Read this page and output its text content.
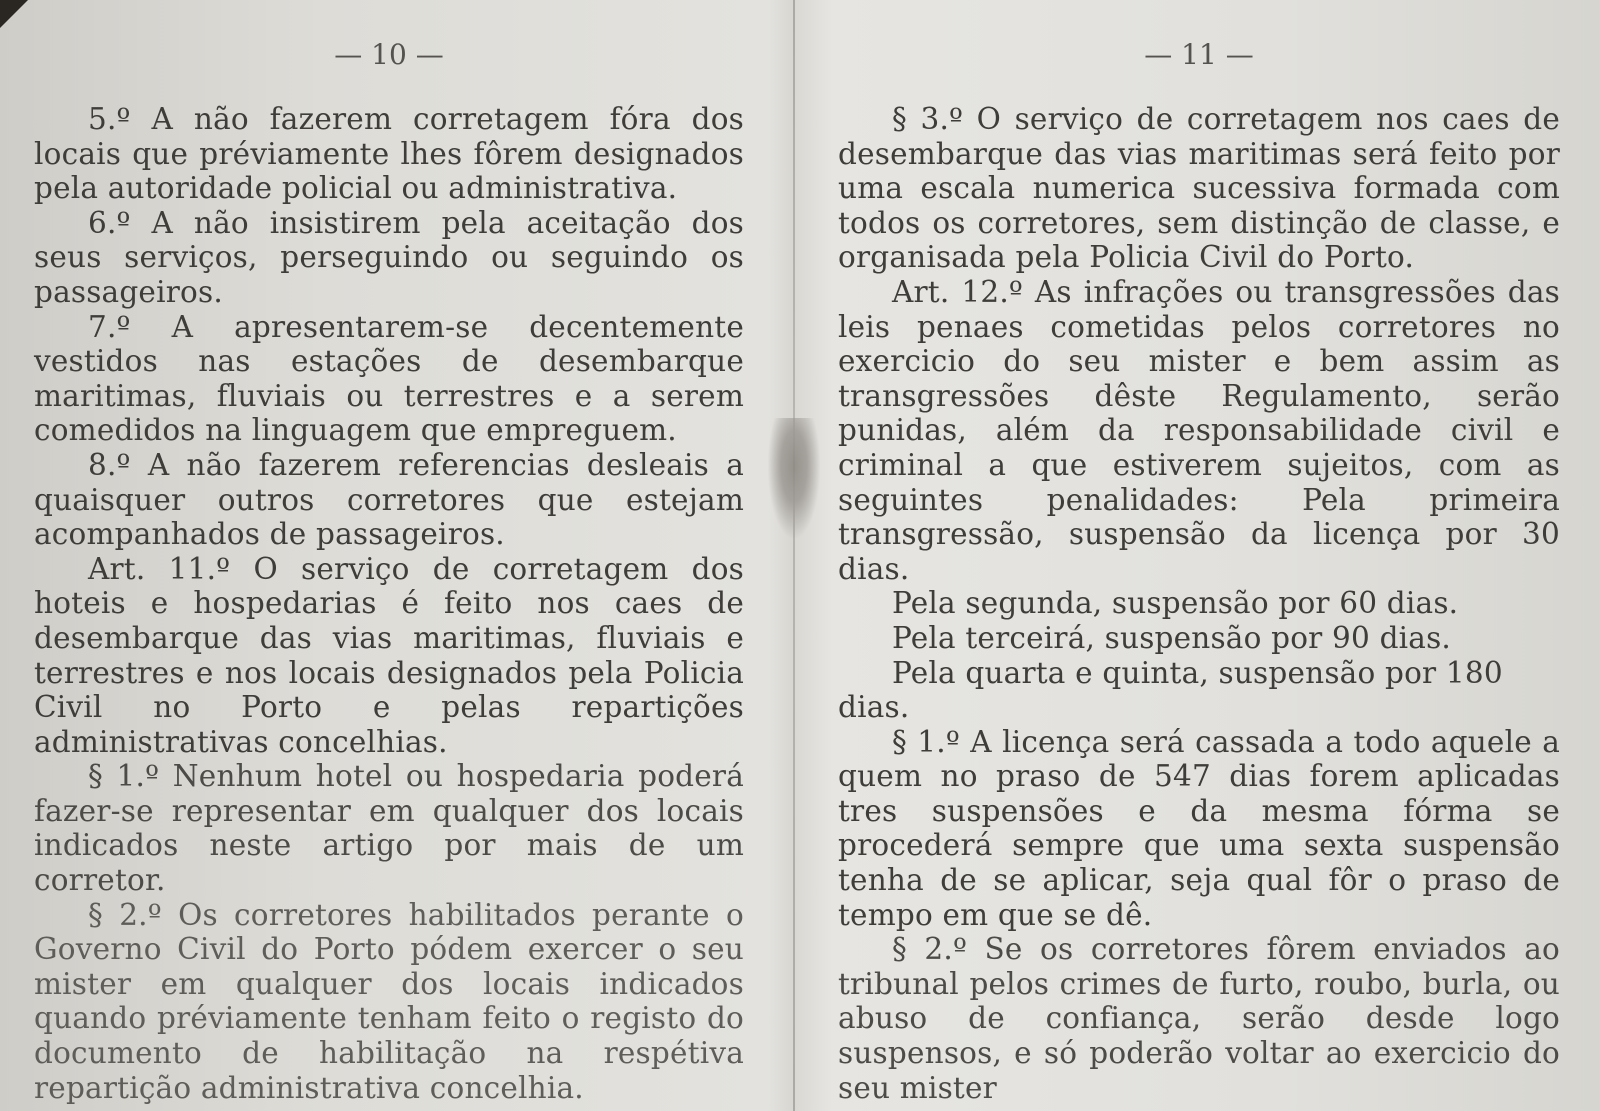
— 10 —

5.º A não fazerem corretagem fóra dos locais que préviamente lhes fôrem designados pela autoridade policial ou administrativa.

6.º A não insistirem pela aceitação dos seus serviços, perseguindo ou seguindo os passageiros.

7.º A apresentarem-se decentemente vestidos nas estações de desembarque maritimas, fluviais ou terrestres e a serem comedidos na linguagem que empreguem.

8.º A não fazerem referencias desleais a quaisquer outros corretores que estejam acompanhados de passageiros.

Art. 11.º O serviço de corretagem dos hoteis e hospedarias é feito nos caes de desembarque das vias maritimas, fluviais e terrestres e nos locais designados pela Policia Civil no Porto e pelas repartições administrativas concelhias.

§ 1.º Nenhum hotel ou hospedaria poderá fazer-se representar em qualquer dos locais indicados neste artigo por mais de um corretor.

§ 2.º Os corretores habilitados perante o Governo Civil do Porto pódem exercer o seu mister em qualquer dos locais indicados quando préviamente tenham feito o registo do documento de habilitação na respétiva repartição administrativa concelhia.

— 11 —

§ 3.º O serviço de corretagem nos caes de desembarque das vias maritimas será feito por uma escala numerica sucessiva formada com todos os corretores, sem distinção de classe, e organisada pela Policia Civil do Porto.

Art. 12.º As infrações ou transgressões das leis penaes cometidas pelos corretores no exercicio do seu mister e bem assim as transgressões dêste Regulamento, serão punidas, além da responsabilidade civil e criminal a que estiverem sujeitos, com as seguintes penalidades: Pela primeira transgressão, suspensão da licença por 30 dias.

Pela segunda, suspensão por 60 dias.

Pela terceirá, suspensão por 90 dias.

Pela quarta e quinta, suspensão por 180 dias.

§ 1.º A licença será cassada a todo aquele a quem no praso de 547 dias forem aplicadas tres suspensões e da mesma fórma se procederá sempre que uma sexta suspensão tenha de se aplicar, seja qual fôr o praso de tempo em que se dê.

§ 2.º Se os corretores fôrem enviados ao tribunal pelos crimes de furto, roubo, burla, ou abuso de confiança, serão desde logo suspensos, e só poderão voltar ao exercicio do seu mister
